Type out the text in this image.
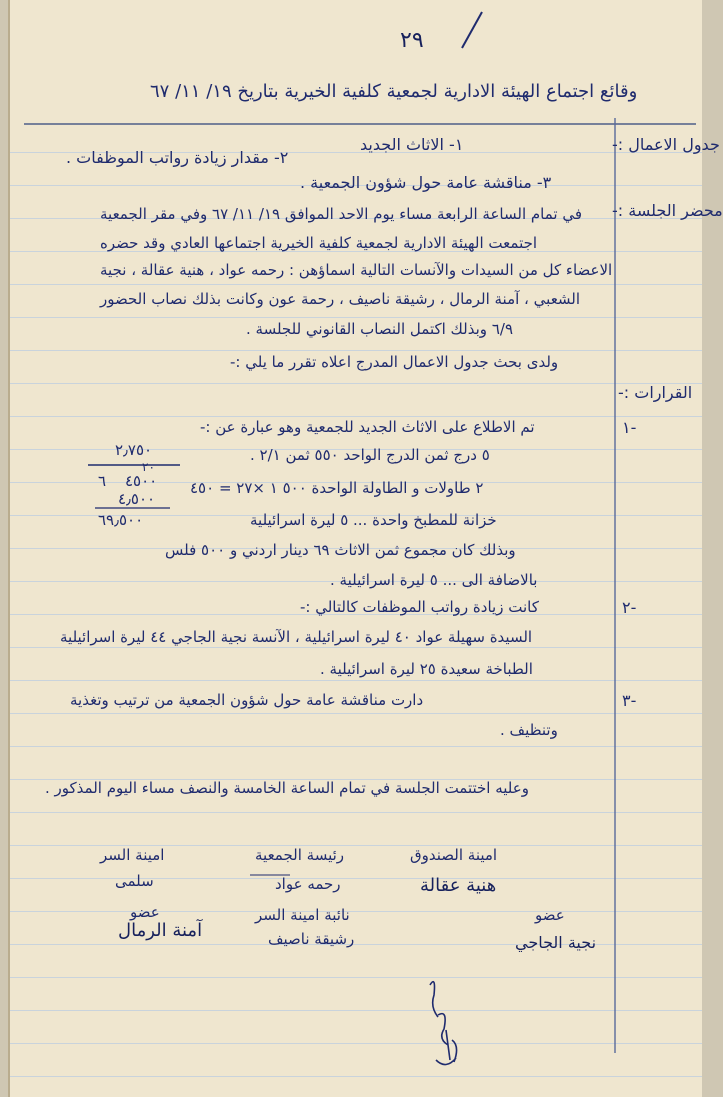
٢٩
وقائع اجتماع الهيئة الادارية لجمعية كلفية الخيرية بتاريخ ١٩/ ١١/ ٦٧
جدول الاعمال :-
١- الاثاث الجديد
٢- مقدار زيادة رواتب الموظفات .
٣- مناقشة عامة حول شؤون الجمعية .
محضر الجلسة :-
في تمام الساعة الرابعة مساء يوم الاحد الموافق ١٩/ ١١/ ٦٧ وفي مقر الجمعية
اجتمعت الهيئة الادارية لجمعية كلفية الخيرية اجتماعها العادي وقد حضره
الاعضاء كل من السيدات والآنسات التالية اسماؤهن : رحمه عواد ، هنية عقالة ، نجية
الشعبي ، آمنة الرمال ، رشيقة ناصيف ، رحمة عون وكانت بذلك نصاب الحضور
٦/٩ وبذلك اكتمل النصاب القانوني للجلسة .
ولدى بحث جدول الاعمال المدرج اعلاه تقرر ما يلي :-
القرارات :-
-١
تم الاطلاع على الاثاث الجديد للجمعية وهو عبارة عن :-
٥ درج ثمن الدرج الواحد ٥٥٠ ثمن ٢/١ .
٢ طاولات و الطاولة الواحدة ٥٠٠ ١ ×٢٧ = ٤٥٠
خزانة للمطبخ واحدة ... ٥ ليرة اسرائيلية
وبذلك كان مجموع ثمن الاثاث ٦٩ دينار اردني و ٥٠٠ فلس
بالاضافة الى ... ٥ ليرة اسرائيلية .
٢٫٧٥٠
٢٠
٦ ٤٥٠٠
٤٫٥٠٠
٦٩٫٥٠٠
-٢
كانت زيادة رواتب الموظفات كالتالي :-
السيدة سهيلة عواد ٤٠ ليرة اسرائيلية ، الآنسة نجية الجاجي ٤٤ ليرة اسرائيلية
الطباخة سعيدة ٢٥ ليرة اسرائيلية .
-٣
دارت مناقشة عامة حول شؤون الجمعية من ترتيب وتغذية
وتنظيف .
وعليه اختتمت الجلسة في تمام الساعة الخامسة والنصف مساء اليوم المذكور .
امينة الصندوق
رئيسة الجمعية
امينة السر
هنية عقالة
رحمه عواد
سلمى
عضو
نائبة امينة السر
عضو
نجية الجاجي
رشيقة ناصيف
آمنة الرمال
